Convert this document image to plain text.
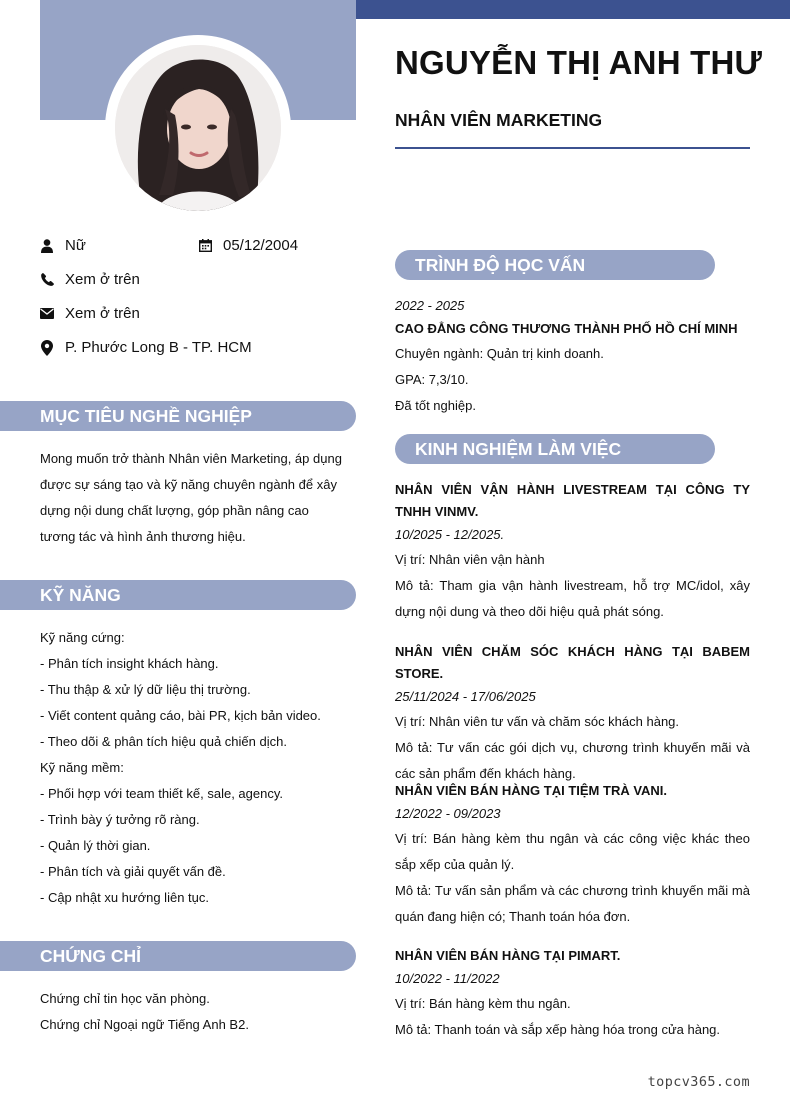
NGUYỄN THỊ ANH THƯ
NHÂN VIÊN MARKETING
Nữ	05/12/2004
Xem ở trên
Xem ở trên
P. Phước Long B - TP. HCM
MỤC TIÊU NGHỀ NGHIỆP
Mong muốn trở thành Nhân viên Marketing, áp dụng được sự sáng tạo và kỹ năng chuyên ngành để xây dựng nội dung chất lượng, góp phần nâng cao tương tác và hình ảnh thương hiệu.
KỸ NĂNG
Kỹ năng cứng:
- Phân tích insight khách hàng.
- Thu thập & xử lý dữ liệu thị trường.
- Viết content quảng cáo, bài PR, kịch bản video.
- Theo dõi & phân tích hiệu quả chiến dịch.
Kỹ năng mềm:
- Phối hợp với team thiết kế, sale, agency.
- Trình bày ý tưởng rõ ràng.
- Quản lý thời gian.
- Phân tích và giải quyết vấn đề.
- Cập nhật xu hướng liên tục.
CHỨNG CHỈ
Chứng chỉ tin học văn phòng.
Chứng chỉ Ngoại ngữ Tiếng Anh B2.
TRÌNH ĐỘ HỌC VẤN
2022 - 2025
CAO ĐẲNG CÔNG THƯƠNG THÀNH PHỐ HỒ CHÍ MINH
Chuyên ngành: Quản trị kinh doanh.
GPA: 7,3/10.
Đã tốt nghiệp.
KINH NGHIỆM LÀM VIỆC
NHÂN VIÊN VẬN HÀNH LIVESTREAM TẠI CÔNG TY TNHH VINMV.
10/2025 - 12/2025.
Vị trí: Nhân viên vận hành
Mô tả: Tham gia vận hành livestream, hỗ trợ MC/idol, xây dựng nội dung và theo dõi hiệu quả phát sóng.
NHÂN VIÊN CHĂM SÓC KHÁCH HÀNG TẠI BABEM STORE.
25/11/2024 - 17/06/2025
Vị trí: Nhân viên tư vấn và chăm sóc khách hàng.
Mô tả: Tư vấn các gói dịch vụ, chương trình khuyến mãi và các sản phẩm đến khách hàng.
NHÂN VIÊN BÁN HÀNG TẠI TIỆM TRÀ VANI.
12/2022 - 09/2023
Vị trí: Bán hàng kèm thu ngân và các công việc khác theo sắp xếp của quản lý.
Mô tả: Tư vấn sản phẩm và các chương trình khuyến mãi mà quán đang hiện có; Thanh toán hóa đơn.
NHÂN VIÊN BÁN HÀNG TẠI PIMART.
10/2022 - 11/2022
Vị trí: Bán hàng kèm thu ngân.
Mô tả: Thanh toán và sắp xếp hàng hóa trong cửa hàng.
topcv365.com
